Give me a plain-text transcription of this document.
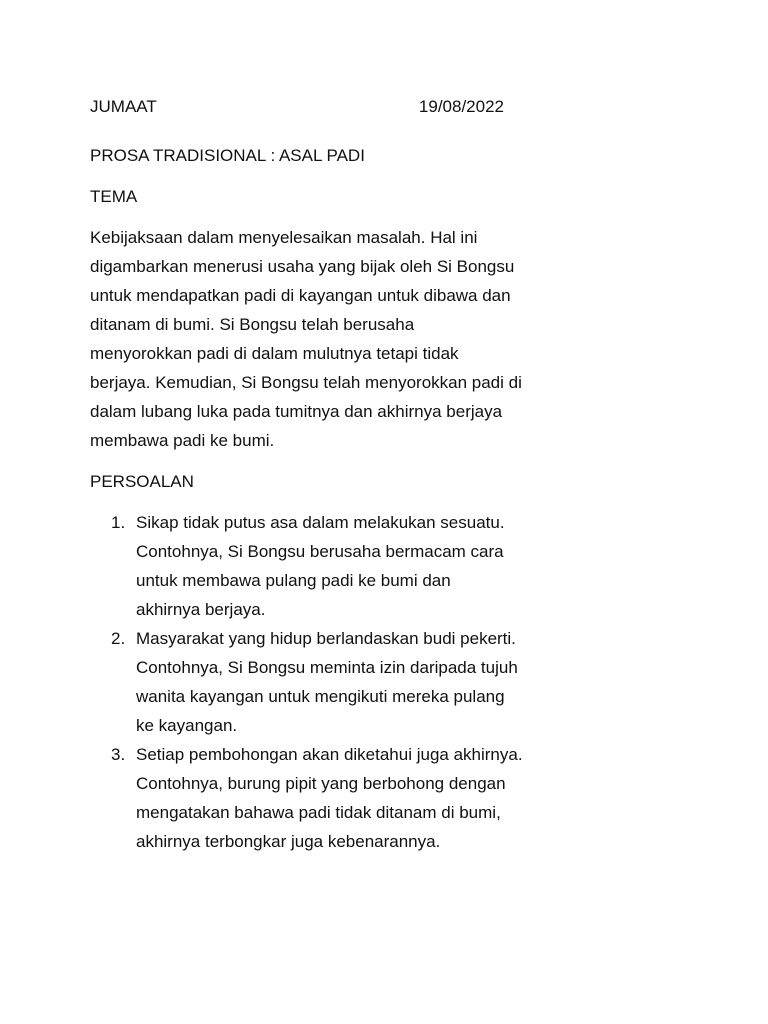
JUMAAT	19/08/2022
PROSA TRADISIONAL : ASAL PADI
TEMA

Kebijaksaan dalam menyelesaikan masalah. Hal ini
digambarkan menerusi usaha yang bijak oleh Si Bongsu
untuk mendapatkan padi di kayangan untuk dibawa dan
ditanam di bumi. Si Bongsu telah berusaha
menyorokkan padi di dalam mulutnya tetapi tidak
berjaya. Kemudian, Si Bongsu telah menyorokkan padi di
dalam lubang luka pada tumitnya dan akhirnya berjaya
membawa padi ke bumi.

PERSOALAN
1. Sikap tidak putus asa dalam melakukan sesuatu.
Contohnya, Si Bongsu berusaha bermacam cara
untuk membawa pulang padi ke bumi dan
akhirnya berjaya.
2. Masyarakat yang hidup berlandaskan budi pekerti.
Contohnya, Si Bongsu meminta izin daripada tujuh
wanita kayangan untuk mengikuti mereka pulang
ke kayangan.
3. Setiap pembohongan akan diketahui juga akhirnya.
Contohnya, burung pipit yang berbohong dengan
mengatakan bahawa padi tidak ditanam di bumi,
akhirnya terbongkar juga kebenarannya.
